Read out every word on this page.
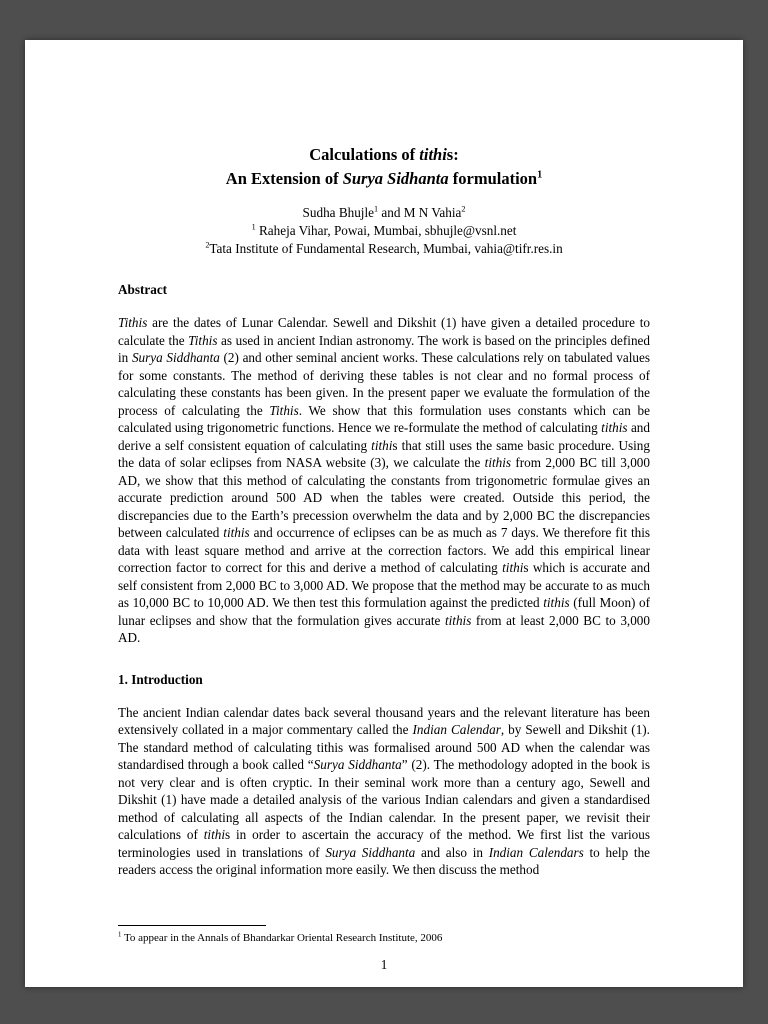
Calculations of tithis:
An Extension of Surya Sidhanta formulation$^1$
Sudha Bhujle$^1$ and M N Vahia$^2$
$^1$ Raheja Vihar, Powai, Mumbai, sbhujle@vsnl.net
$^2$Tata Institute of Fundamental Research, Mumbai, vahia@tifr.res.in
Abstract

Tithis are the dates of Lunar Calendar. Sewell and Dikshit (1) have given a detailed procedure to calculate the Tithis as used in ancient Indian astronomy. The work is based on the principles defined in Surya Siddhanta (2) and other seminal ancient works. These calculations rely on tabulated values for some constants. The method of deriving these tables is not clear and no formal process of calculating these constants has been given. In the present paper we evaluate the formulation of the process of calculating the Tithis. We show that this formulation uses constants which can be calculated using trigonometric functions. Hence we re-formulate the method of calculating tithis and derive a self consistent equation of calculating tithis that still uses the same basic procedure. Using the data of solar eclipses from NASA website (3), we calculate the tithis from 2,000 BC till 3,000 AD, we show that this method of calculating the constants from trigonometric formulae gives an accurate prediction around 500 AD when the tables were created. Outside this period, the discrepancies due to the Earth’s precession overwhelm the data and by 2,000 BC the discrepancies between calculated tithis and occurrence of eclipses can be as much as 7 days. We therefore fit this data with least square method and arrive at the correction factors. We add this empirical linear correction factor to correct for this and derive a method of calculating tithis which is accurate and self consistent from 2,000 BC to 3,000 AD. We propose that the method may be accurate to as much as 10,000 BC to 10,000 AD. We then test this formulation against the predicted tithis (full Moon) of lunar eclipses and show that the formulation gives accurate tithis from at least 2,000 BC to 3,000 AD.

1. Introduction

The ancient Indian calendar dates back several thousand years and the relevant literature has been extensively collated in a major commentary called the Indian Calendar, by Sewell and Dikshit (1). The standard method of calculating tithis was formalised around 500 AD when the calendar was standardised through a book called “Surya Siddhanta” (2). The methodology adopted in the book is not very clear and is often cryptic. In their seminal work more than a century ago, Sewell and Dikshit (1) have made a detailed analysis of the various Indian calendars and given a standardised method of calculating all aspects of the Indian calendar. In the present paper, we revisit their calculations of tithis in order to ascertain the accuracy of the method. We first list the various terminologies used in translations of Surya Siddhanta and also in Indian Calendars to help the readers access the original information more easily. We then discuss the method

$^1$ To appear in the Annals of Bhandarkar Oriental Research Institute, 2006
1
